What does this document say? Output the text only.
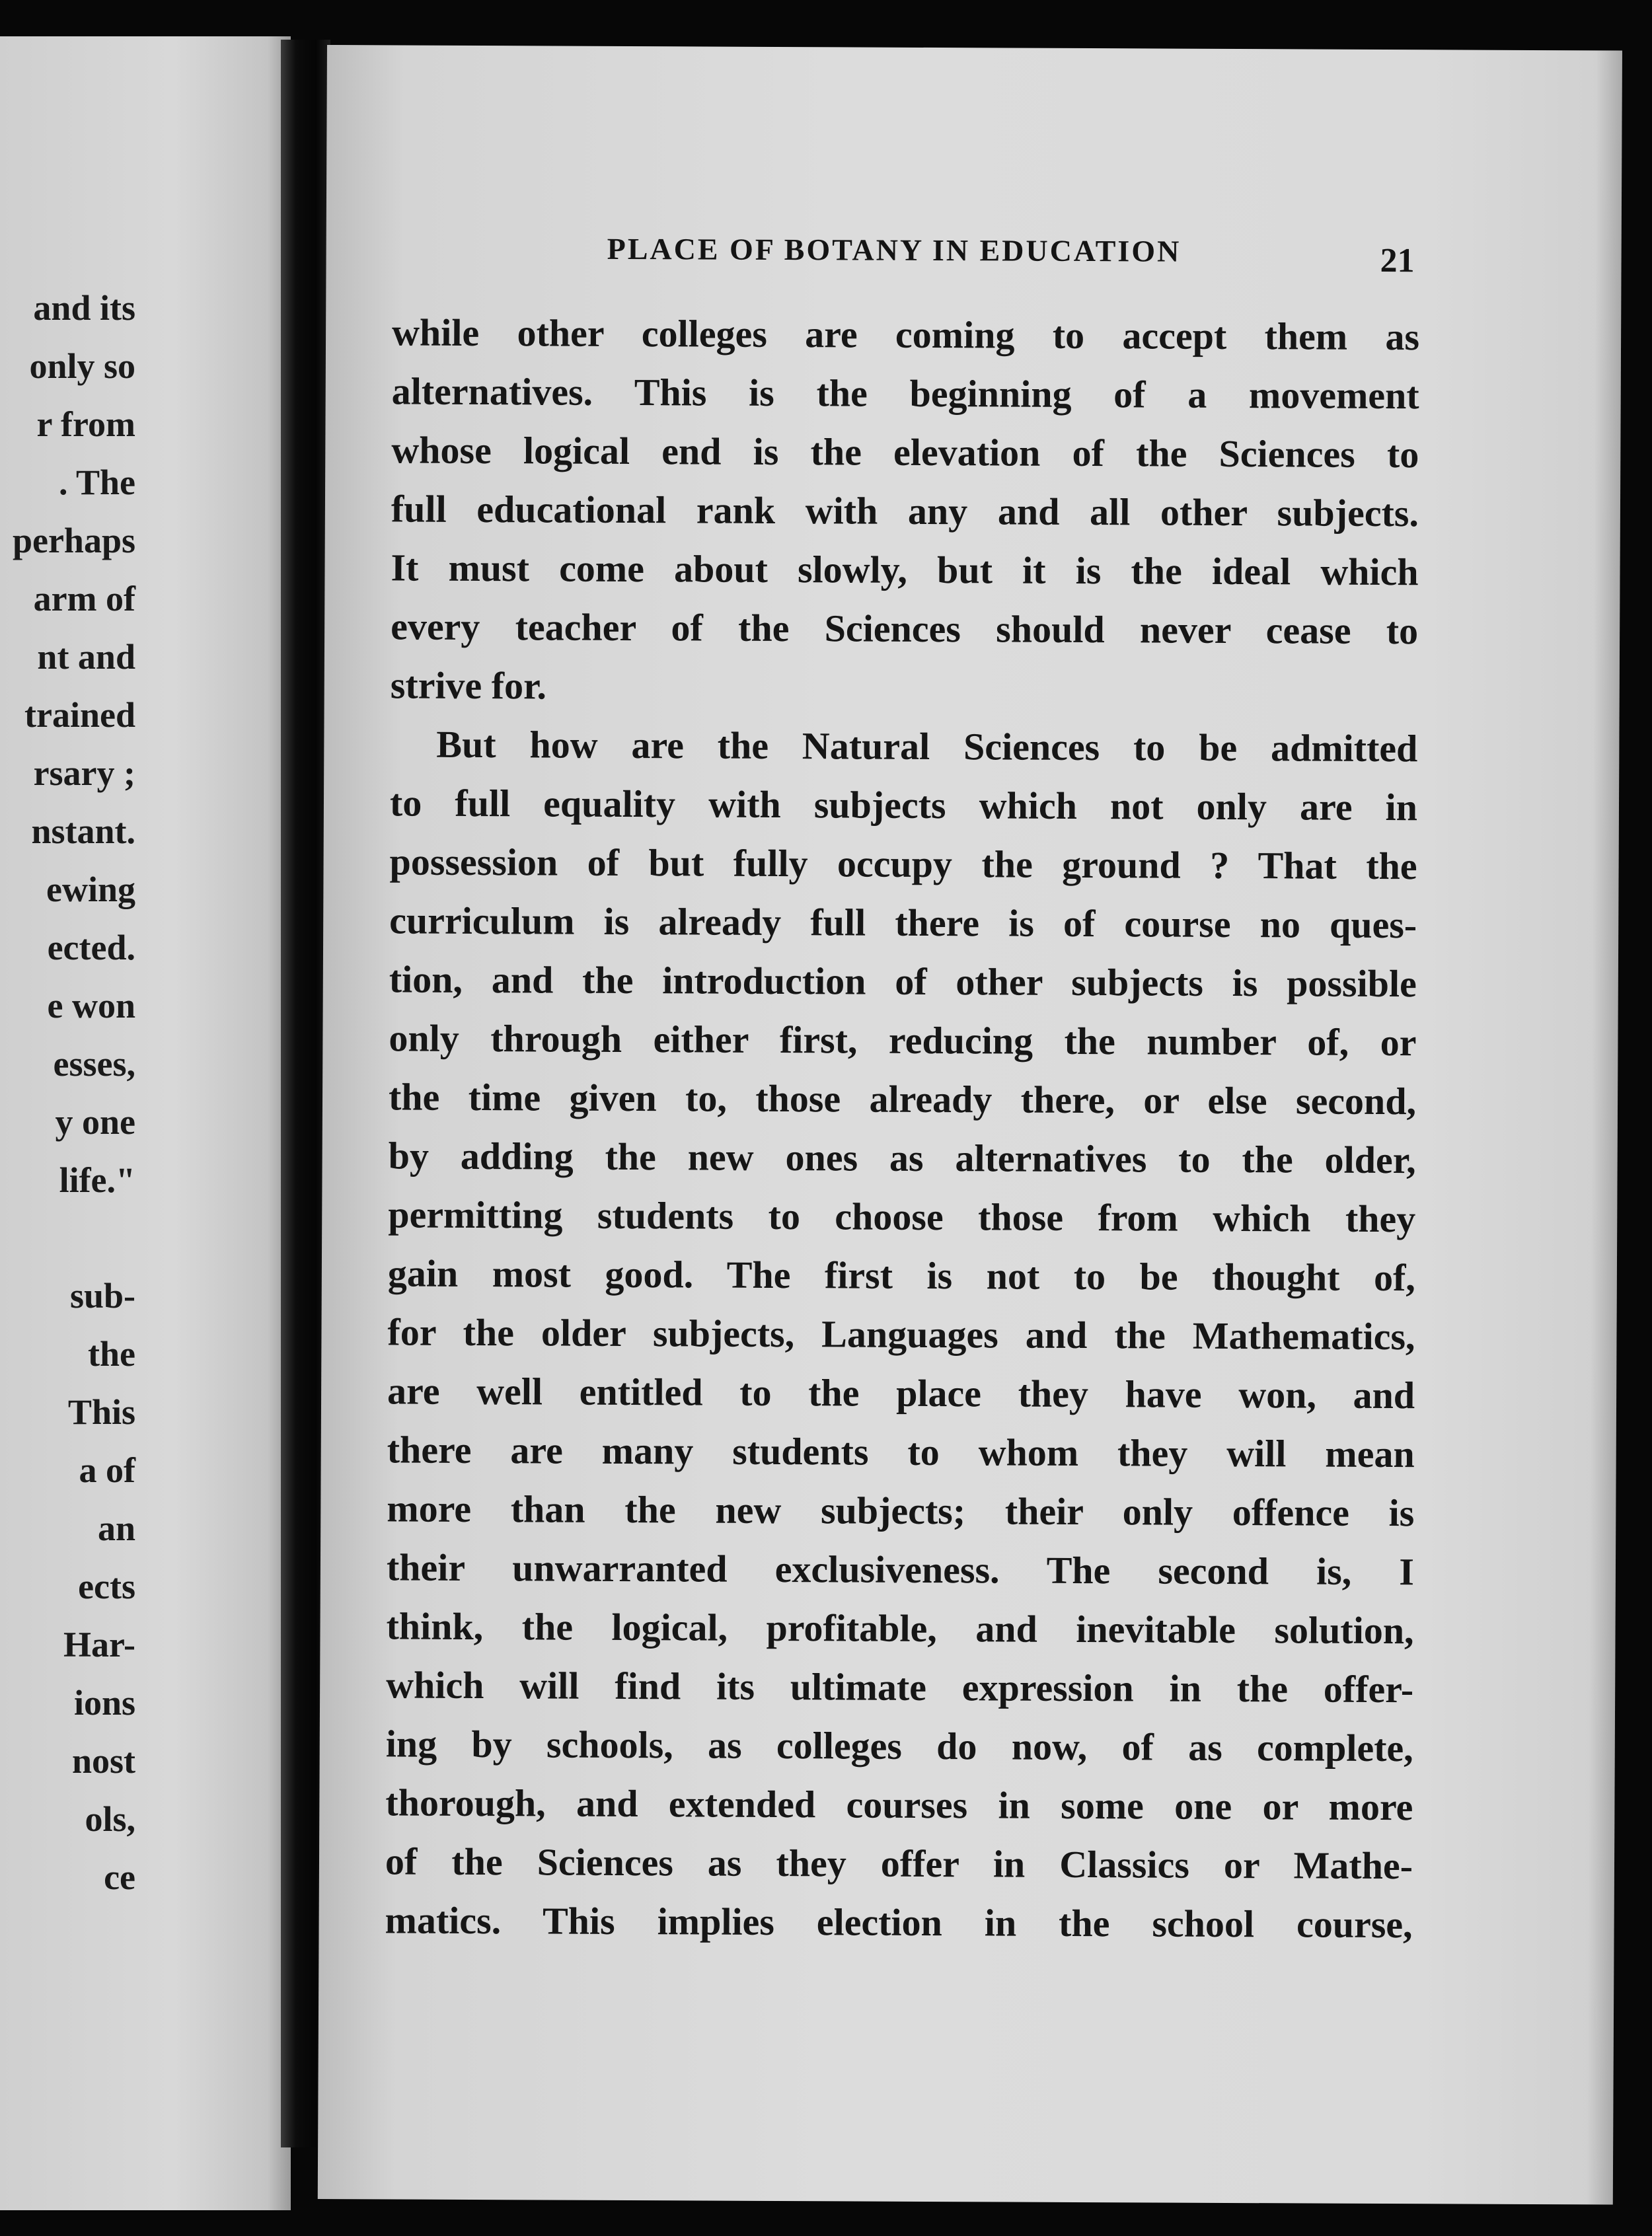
and its
only so
r from
. The
perhaps
arm of
nt and
trained
rsary ;
nstant.
ewing
ected.
e won
esses,
y one
life."
sub-
the
This
a of
an
ects
Har-
ions
nost
ols,
ce
PLACE OF BOTANY IN EDUCATION	21
while other colleges are coming to accept them as
alternatives. This is the beginning of a movement
whose logical end is the elevation of the Sciences to
full educational rank with any and all other subjects.
It must come about slowly, but it is the ideal which
every teacher of the Sciences should never cease to
strive for.
But how are the Natural Sciences to be admitted
to full equality with subjects which not only are in
possession of but fully occupy the ground ? That the
curriculum is already full there is of course no ques-
tion, and the introduction of other subjects is possible
only through either first, reducing the number of, or
the time given to, those already there, or else second,
by adding the new ones as alternatives to the older,
permitting students to choose those from which they
gain most good. The first is not to be thought of,
for the older subjects, Languages and the Mathematics,
are well entitled to the place they have won, and
there are many students to whom they will mean
more than the new subjects; their only offence is
their unwarranted exclusiveness. The second is, I
think, the logical, profitable, and inevitable solution,
which will find its ultimate expression in the offer-
ing by schools, as colleges do now, of as complete,
thorough, and extended courses in some one or more
of the Sciences as they offer in Classics or Mathe-
matics. This implies election in the school course,
